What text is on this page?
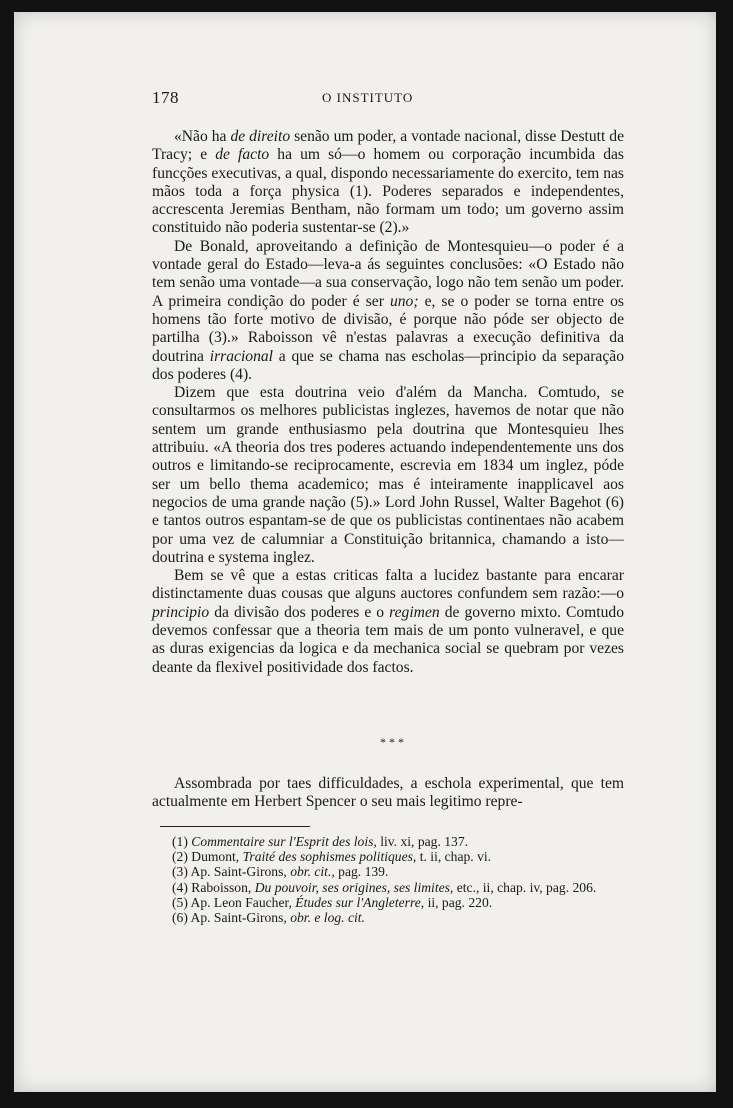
178	O INSTITUTO

«Não ha de direito senão um poder, a vontade nacional, disse Destutt de Tracy; e de facto ha um só—o homem ou corporação incumbida das funcções executivas, a qual, dispondo necessariamente do exercito, tem nas mãos toda a força physica (1). Poderes separados e independentes, accrescenta Jeremias Bentham, não formam um todo; um governo assim constituido não poderia sustentar-se (2).»

De Bonald, aproveitando a definição de Montesquieu—o poder é a vontade geral do Estado—leva-a ás seguintes conclusões: «O Estado não tem senão uma vontade—a sua conservação, logo não tem senão um poder. A primeira condição do poder é ser uno; e, se o poder se torna entre os homens tão forte motivo de divisão, é porque não póde ser objecto de partilha (3).» Raboisson vê n'estas palavras a execução definitiva da doutrina irracional a que se chama nas escholas—principio da separação dos poderes (4).

Dizem que esta doutrina veio d'além da Mancha. Comtudo, se consultarmos os melhores publicistas inglezes, havemos de notar que não sentem um grande enthusiasmo pela doutrina que Montesquieu lhes attribuiu. «A theoria dos tres poderes actuando independentemente uns dos outros e limitando-se reciprocamente, escrevia em 1834 um inglez, póde ser um bello thema academico; mas é inteiramente inapplicavel aos negocios de uma grande nação (5).» Lord John Russel, Walter Bagehot (6) e tantos outros espantam-se de que os publicistas continentaes não acabem por uma vez de calumniar a Constituição britannica, chamando a isto—doutrina e systema inglez.

Bem se vê que a estas criticas falta a lucidez bastante para encarar distinctamente duas cousas que alguns auctores confundem sem razão:—o principio da divisão dos poderes e o regimen de governo mixto. Comtudo devemos confessar que a theoria tem mais de um ponto vulneravel, e que as duras exigencias da logica e da mechanica social se quebram por vezes deante da flexivel positividade dos factos.

* * *

Assombrada por taes difficuldades, a eschola experimental, que tem actualmente em Herbert Spencer o seu mais legitimo repre-

(1) Commentaire sur l'Esprit des lois, liv. xi, pag. 137.

(2) Dumont, Traité des sophismes politiques, t. ii, chap. vi.

(3) Ap. Saint-Girons, obr. cit., pag. 139.

(4) Raboisson, Du pouvoir, ses origines, ses limites, etc., ii, chap. iv, pag. 206.

(5) Ap. Leon Faucher, Études sur l'Angleterre, ii, pag. 220.

(6) Ap. Saint-Girons, obr. e log. cit.
